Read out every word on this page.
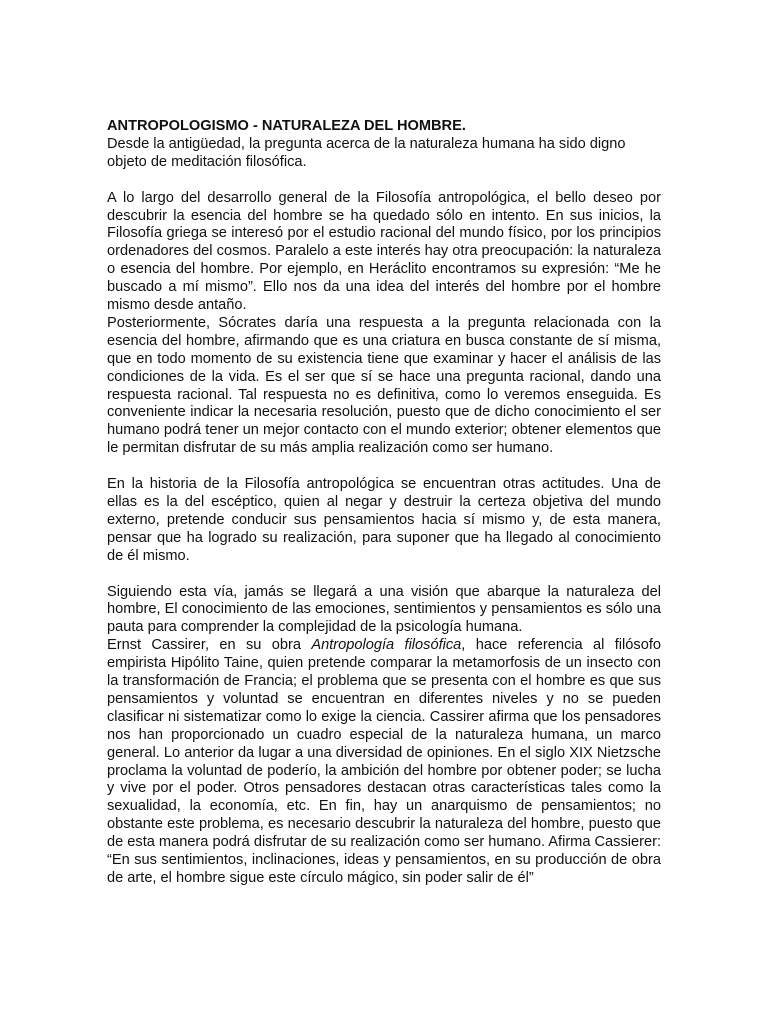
ANTROPOLOGISMO - NATURALEZA DEL HOMBRE.

Desde la antigüedad, la pregunta acerca de la naturaleza humana ha sido digno objeto de meditación filosófica.

A lo largo del desarrollo general de la Filosofía antropológica, el bello deseo por descubrir la esencia del hombre se ha quedado sólo en intento. En sus inicios, la Filosofía griega se interesó por el estudio racional del mundo físico, por los principios ordenadores del cosmos. Paralelo a este interés hay otra preocupación: la naturaleza o esencia del hombre. Por ejemplo, en Heráclito encontramos su expresión: “Me he buscado a mí mismo”. Ello nos da una idea del interés del hombre por el hombre mismo desde antaño.

Posteriormente, Sócrates daría una respuesta a la pregunta relacionada con la esencia del hombre, afirmando que es una criatura en busca constante de sí misma, que en todo momento de su existencia tiene que examinar y hacer el análisis de las condiciones de la vida. Es el ser que sí se hace una pregunta racional, dando una respuesta racional. Tal respuesta no es definitiva, como lo veremos enseguida. Es conveniente indicar la necesaria resolución, puesto que de dicho conocimiento el ser humano podrá tener un mejor contacto con el mundo exterior; obtener elementos que le permitan disfrutar de su más amplia realización como ser humano.

En la historia de la Filosofía antropológica se encuentran otras actitudes. Una de ellas es la del escéptico, quien al negar y destruir la certeza objetiva del mundo externo, pretende conducir sus pensamientos hacia sí mismo y, de esta manera, pensar que ha logrado su realización, para suponer que ha llegado al conocimiento de él mismo.

Siguiendo esta vía, jamás se llegará a una visión que abarque la naturaleza del hombre, El conocimiento de las emociones, sentimientos y pensamientos es sólo una pauta para comprender la complejidad de la psicología humana.

Ernst Cassirer, en su obra Antropología filosófica, hace referencia al filósofo empirista Hipólito Taine, quien pretende comparar la metamorfosis de un insecto con la transformación de Francia; el problema que se presenta con el hombre es que sus pensamientos y voluntad se encuentran en diferentes niveles y no se pueden clasificar ni sistematizar como lo exige la ciencia. Cassirer afirma que los pensadores nos han proporcionado un cuadro especial de la naturaleza humana, un marco general. Lo anterior da lugar a una diversidad de opiniones. En el siglo XIX Nietzsche proclama la voluntad de poderío, la ambición del hombre por obtener poder; se lucha y vive por el poder. Otros pensadores destacan otras características tales como la sexualidad, la economía, etc. En fin, hay un anarquismo de pensamientos; no obstante este problema, es necesario descubrir la naturaleza del hombre, puesto que de esta manera podrá disfrutar de su realización como ser humano. Afirma Cassierer: “En sus sentimientos, inclinaciones, ideas y pensamientos, en su producción de obra de arte, el hombre sigue este círculo mágico, sin poder salir de él”
